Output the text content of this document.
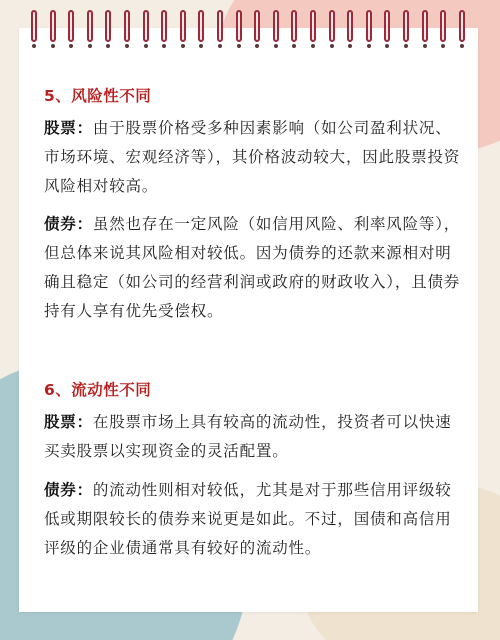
5、风险性不同
股票：由于股票价格受多种因素影响（如公司盈利状况、市场环境、宏观经济等），其价格波动较大，因此股票投资风险相对较高。
债券：虽然也存在一定风险（如信用风险、利率风险等），但总体来说其风险相对较低。因为债券的还款来源相对明确且稳定（如公司的经营利润或政府的财政收入），且债券持有人享有优先受偿权。
6、流动性不同
股票：在股票市场上具有较高的流动性，投资者可以快速买卖股票以实现资金的灵活配置。
债券：的流动性则相对较低，尤其是对于那些信用评级较低或期限较长的债券来说更是如此。不过，国债和高信用评级的企业债通常具有较好的流动性。
